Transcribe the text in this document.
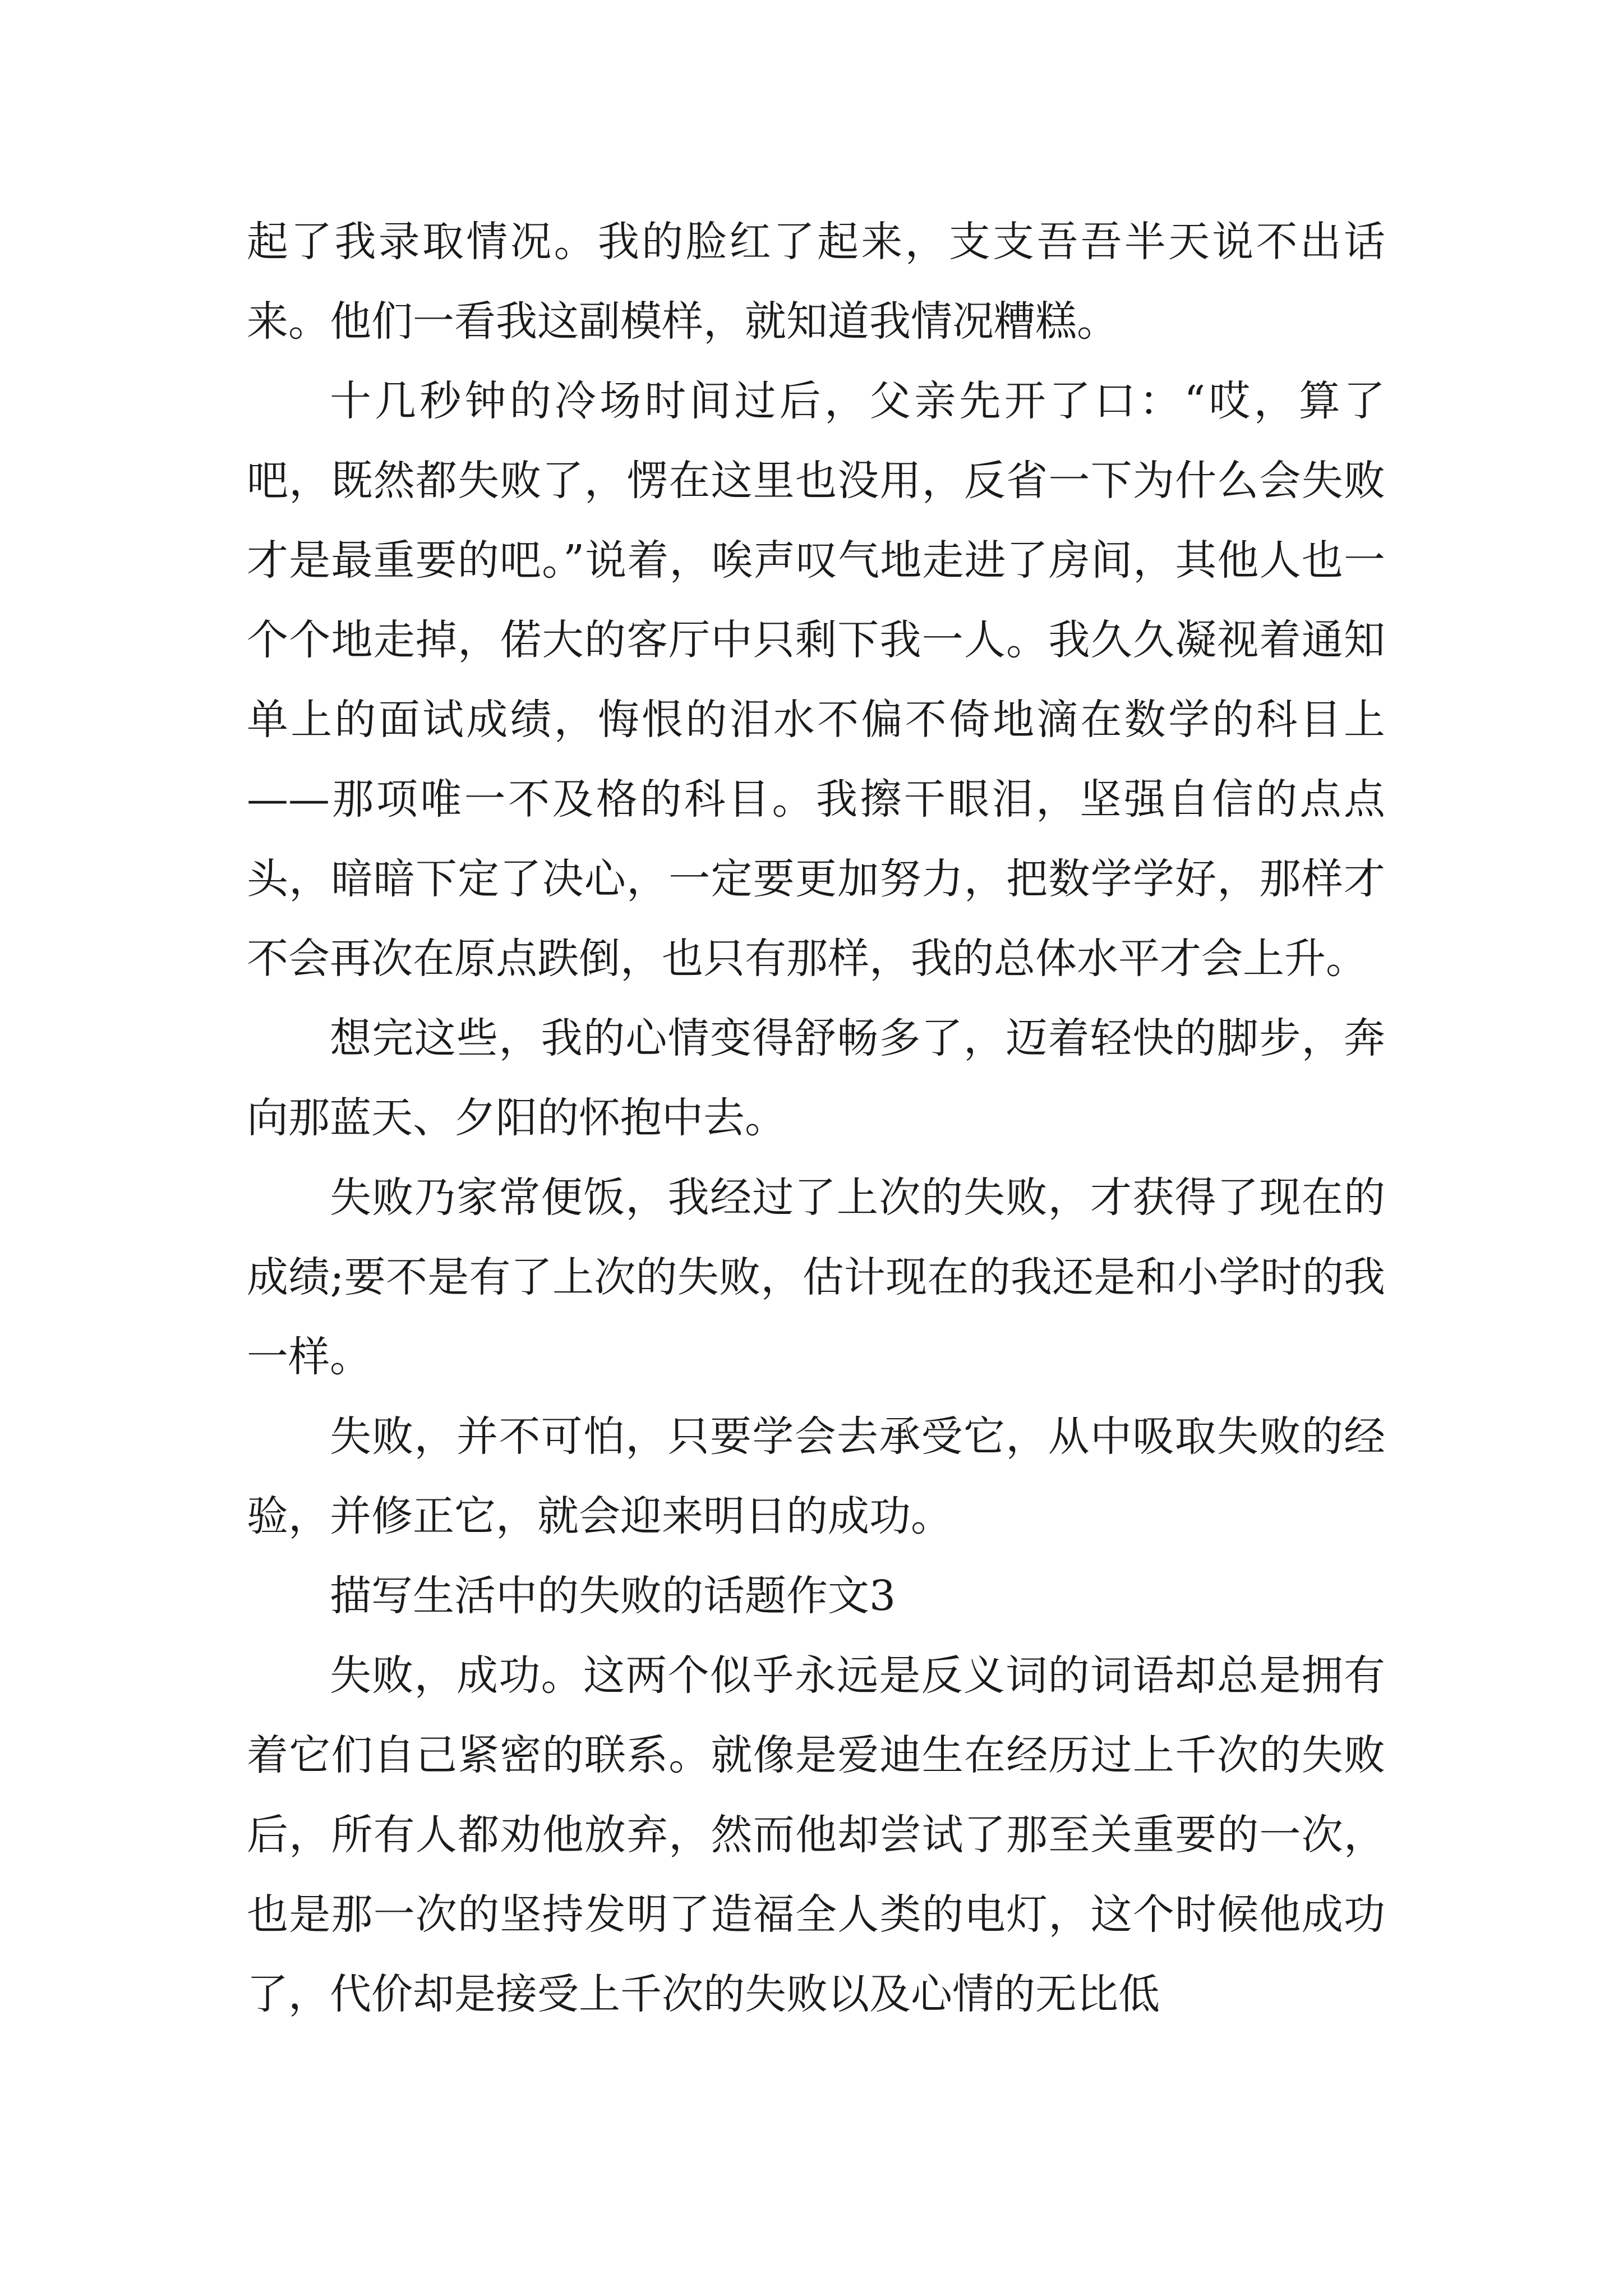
起了我录取情况。我的脸红了起来，支支吾吾半天说不出话来。他们一看我这副模样，就知道我情况糟糕。

十几秒钟的冷场时间过后，父亲先开了口：“哎，算了吧，既然都失败了，愣在这里也没用，反省一下为什么会失败才是最重要的吧。”说着，唉声叹气地走进了房间，其他人也一个个地走掉，偌大的客厅中只剩下我一人。我久久凝视着通知单上的面试成绩，悔恨的泪水不偏不倚地滴在数学的科目上——那项唯一不及格的科目。我擦干眼泪，坚强自信的点点头，暗暗下定了决心，一定要更加努力，把数学学好，那样才不会再次在原点跌倒，也只有那样，我的总体水平才会上升。

想完这些，我的心情变得舒畅多了，迈着轻快的脚步，奔向那蓝天、夕阳的怀抱中去。

失败乃家常便饭，我经过了上次的失败，才获得了现在的成绩;要不是有了上次的失败，估计现在的我还是和小学时的我一样。

失败，并不可怕，只要学会去承受它，从中吸取失败的经验，并修正它，就会迎来明日的成功。

描写生活中的失败的话题作文3

失败，成功。这两个似乎永远是反义词的词语却总是拥有着它们自己紧密的联系。就像是爱迪生在经历过上千次的失败后，所有人都劝他放弃，然而他却尝试了那至关重要的一次，也是那一次的坚持发明了造福全人类的电灯，这个时候他成功了，代价却是接受上千次的失败以及心情的无比低
